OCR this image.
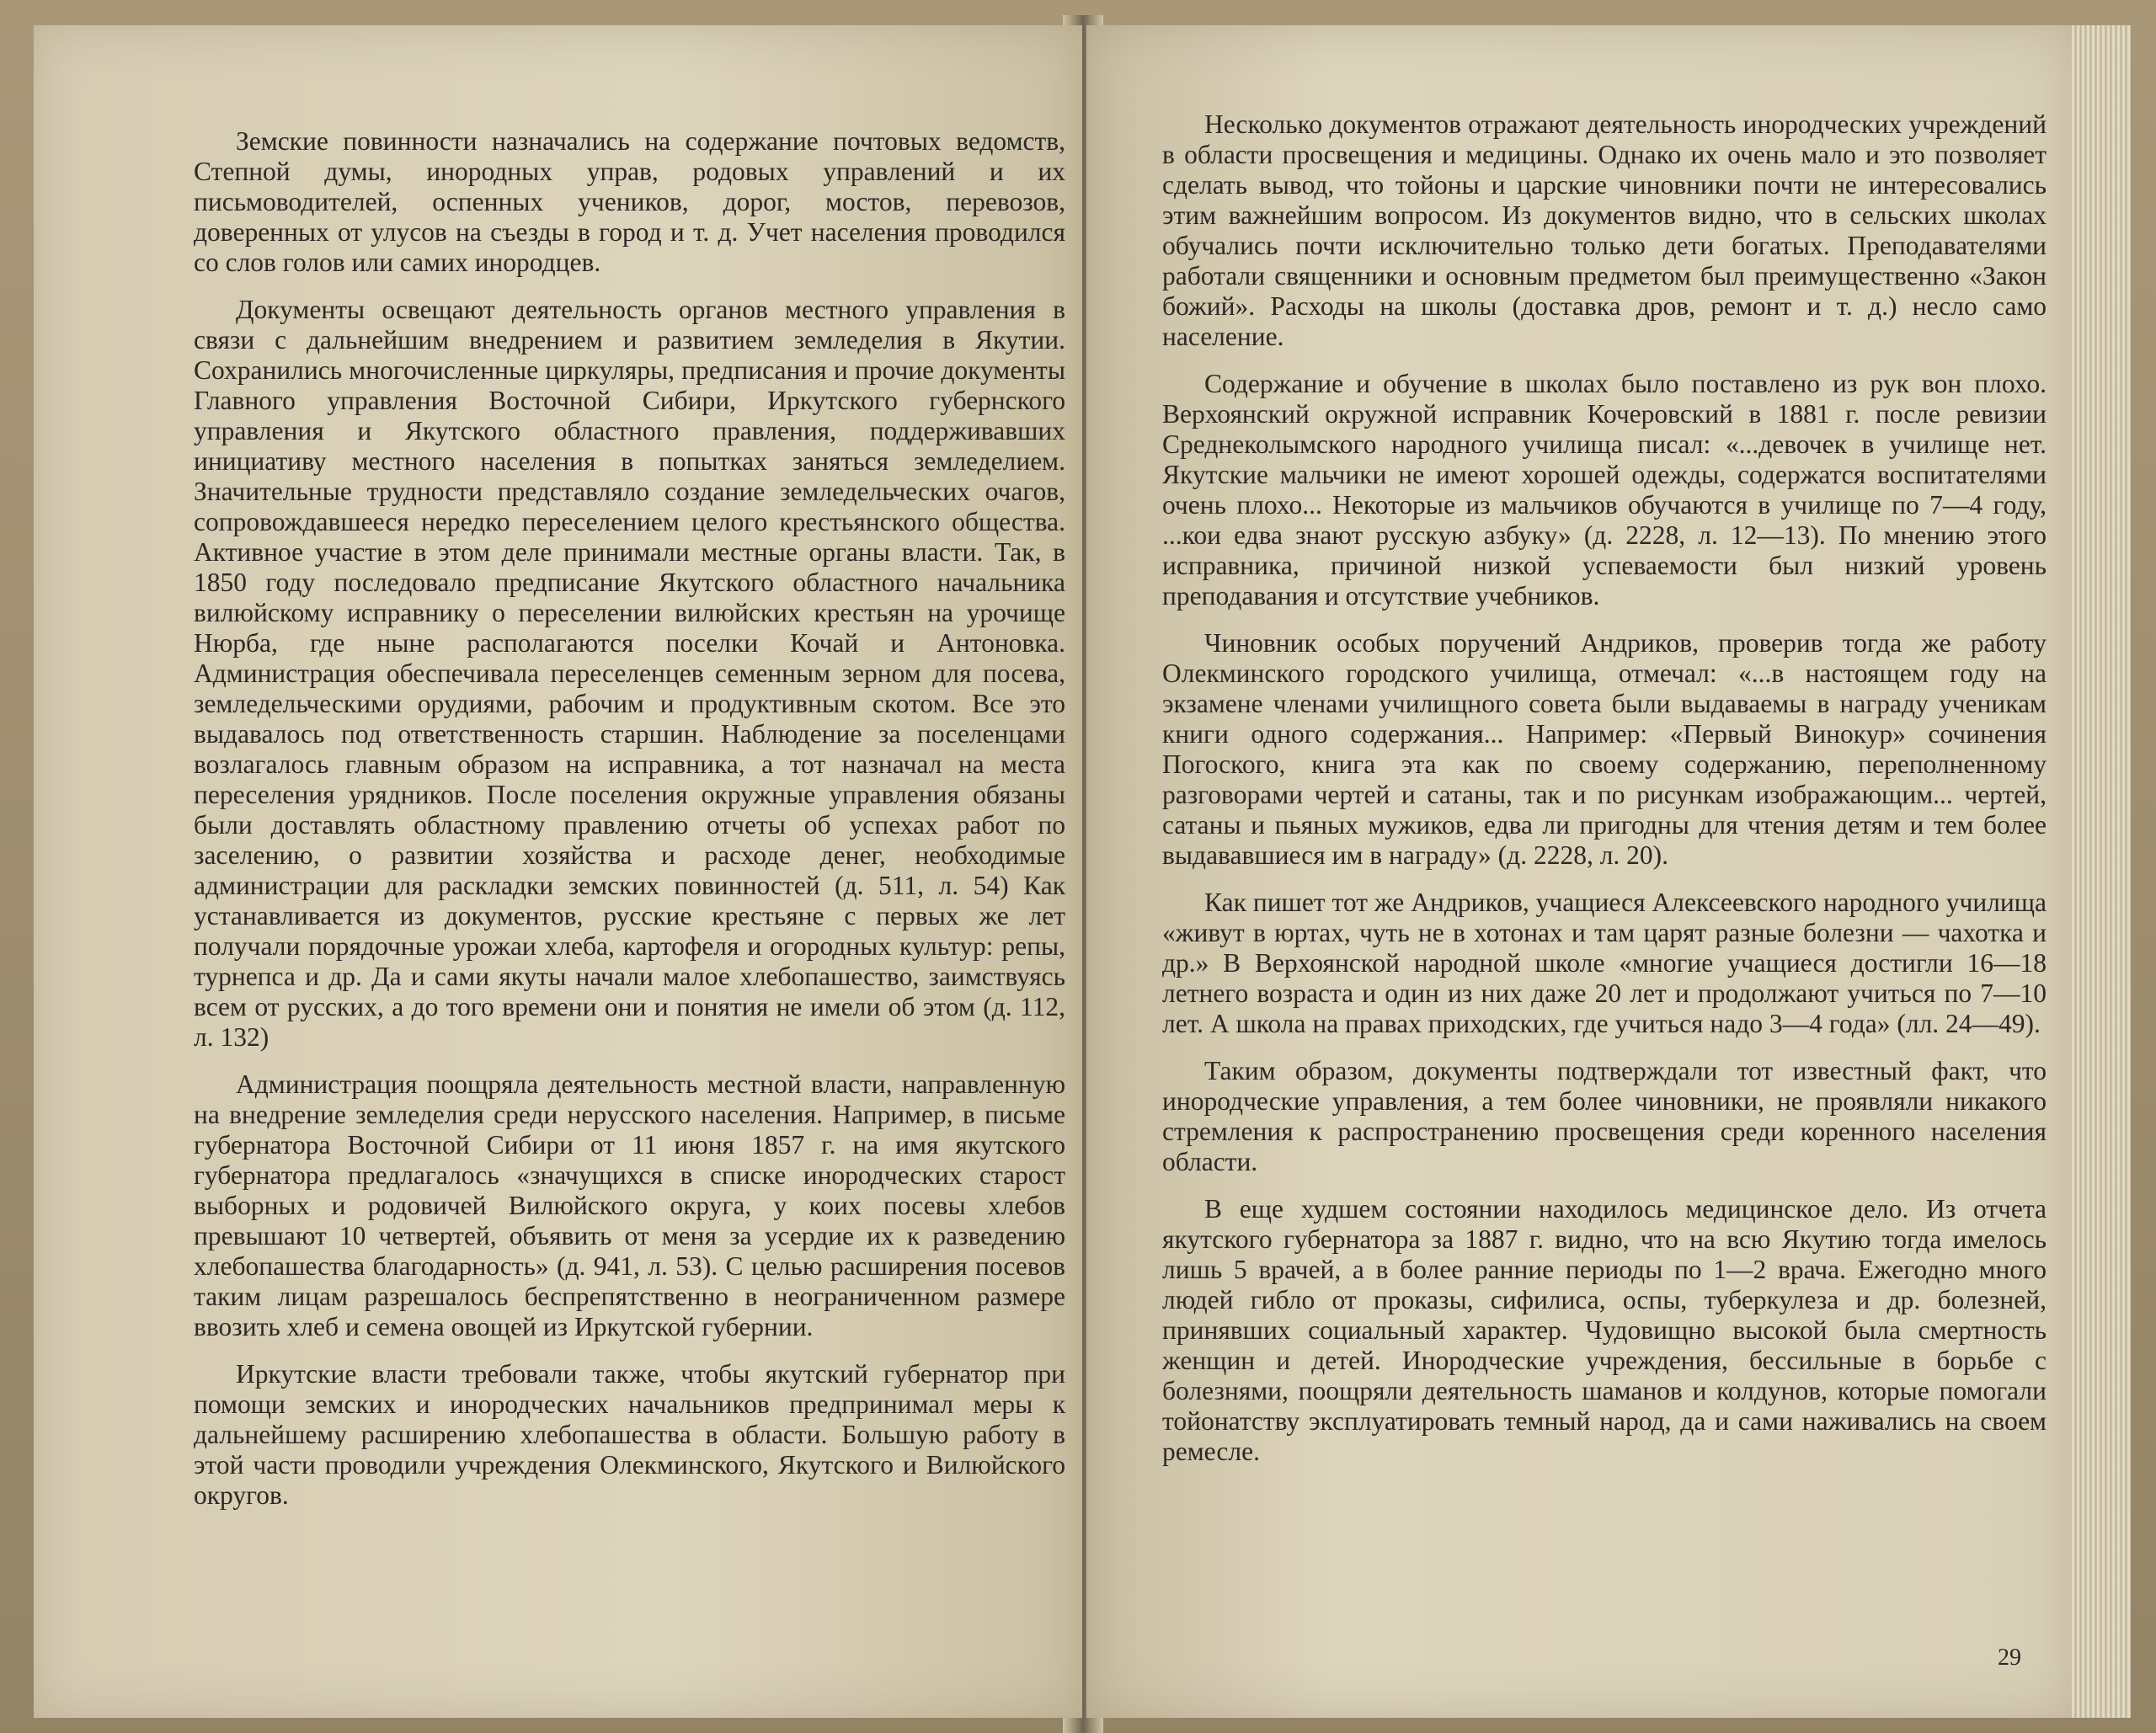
Земские повинности назначались на содержание почтовых ведомств, Степной думы, инородных управ, родовых управлений и их письмоводителей, оспенных учеников, дорог, мостов, перевозов, доверенных от улусов на съезды в город и т. д. Учет населения проводился со слов голов или самих инородцев.

Документы освещают деятельность органов местного управления в связи с дальнейшим внедрением и развитием земледелия в Якутии. Сохранились многочисленные циркуляры, предписания и прочие документы Главного управления Восточной Сибири, Иркутского губернского управления и Якутского областного правления, поддерживавших инициативу местного населения в попытках заняться земледелием. Значительные трудности представляло создание земледельческих очагов, сопровождавшееся нередко переселением целого крестьянского общества. Активное участие в этом деле принимали местные органы власти. Так, в 1850 году последовало предписание Якутского областного начальника вилюйскому исправнику о переселении вилюйских крестьян на урочище Нюрба, где ныне располагаются поселки Кочай и Антоновка. Администрация обеспечивала переселенцев семенным зерном для посева, земледельческими орудиями, рабочим и продуктивным скотом. Все это выдавалось под ответственность старшин. Наблюдение за поселенцами возлагалось главным образом на исправника, а тот назначал на места переселения урядников. После поселения окружные управления обязаны были доставлять областному правлению отчеты об успехах работ по заселению, о развитии хозяйства и расходе денег, необходимые администрации для раскладки земских повинностей (д. 511, л. 54) Как устанавливается из документов, русские крестьяне с первых же лет получали порядочные урожаи хлеба, картофеля и огородных культур: репы, турнепса и др. Да и сами якуты начали малое хлебопашество, заимствуясь всем от русских, а до того времени они и понятия не имели об этом (д. 112, л. 132)

Администрация поощряла деятельность местной власти, направленную на внедрение земледелия среди нерусского населения. Например, в письме губернатора Восточной Сибири от 11 июня 1857 г. на имя якутского губернатора предлагалось «значущихся в списке инородческих старост выборных и родовичей Вилюйского округа, у коих посевы хлебов превышают 10 четвертей, объявить от меня за усердие их к разведению хлебопашества благодарность» (д. 941, л. 53). С целью расширения посевов таким лицам разрешалось беспрепятственно в неограниченном размере ввозить хлеб и семена овощей из Иркутской губернии.

Иркутские власти требовали также, чтобы якутский губернатор при помощи земских и инородческих начальников предпринимал меры к дальнейшему расширению хлебопашества в области. Большую работу в этой части проводили учреждения Олекминского, Якутского и Вилюйского округов.

Несколько документов отражают деятельность инородческих учреждений в области просвещения и медицины. Однако их очень мало и это позволяет сделать вывод, что тойоны и царские чиновники почти не интересовались этим важнейшим вопросом. Из документов видно, что в сельских школах обучались почти исключительно только дети богатых. Преподавателями работали священники и основным предметом был преимущественно «Закон божий». Расходы на школы (доставка дров, ремонт и т. д.) несло само население.

Содержание и обучение в школах было поставлено из рук вон плохо. Верхоянский окружной исправник Кочеровский в 1881 г. после ревизии Среднеколымского народного училища писал: «...девочек в училище нет. Якутские мальчики не имеют хорошей одежды, содержатся воспитателями очень плохо... Некоторые из мальчиков обучаются в училище по 7—4 году, ...кои едва знают русскую азбуку» (д. 2228, л. 12—13). По мнению этого исправника, причиной низкой успеваемости был низкий уровень преподавания и отсутствие учебников.

Чиновник особых поручений Андриков, проверив тогда же работу Олекминского городского училища, отмечал: «...в настоящем году на экзамене членами училищного совета были выдаваемы в награду ученикам книги одного содержания... Например: «Первый Винокур» сочинения Погоского, книга эта как по своему содержанию, переполненному разговорами чертей и сатаны, так и по рисункам изображающим... чертей, сатаны и пьяных мужиков, едва ли пригодны для чтения детям и тем более выдававшиеся им в награду» (д. 2228, л. 20).

Как пишет тот же Андриков, учащиеся Алексеевского народного училища «живут в юртах, чуть не в хотонах и там царят разные болезни — чахотка и др.» В Верхоянской народной школе «многие учащиеся достигли 16—18 летнего возраста и один из них даже 20 лет и продолжают учиться по 7—10 лет. А школа на правах приходских, где учиться надо 3—4 года» (лл. 24—49).

Таким образом, документы подтверждали тот известный факт, что инородческие управления, а тем более чиновники, не проявляли никакого стремления к распространению просвещения среди коренного населения области.

В еще худшем состоянии находилось медицинское дело. Из отчета якутского губернатора за 1887 г. видно, что на всю Якутию тогда имелось лишь 5 врачей, а в более ранние периоды по 1—2 врача. Ежегодно много людей гибло от проказы, сифилиса, оспы, туберкулеза и др. болезней, принявших социальный характер. Чудовищно высокой была смертность женщин и детей. Инородческие учреждения, бессильные в борьбе с болезнями, поощряли деятельность шаманов и колдунов, которые помогали тойонатству эксплуатировать темный народ, да и сами наживались на своем ремесле.

29
